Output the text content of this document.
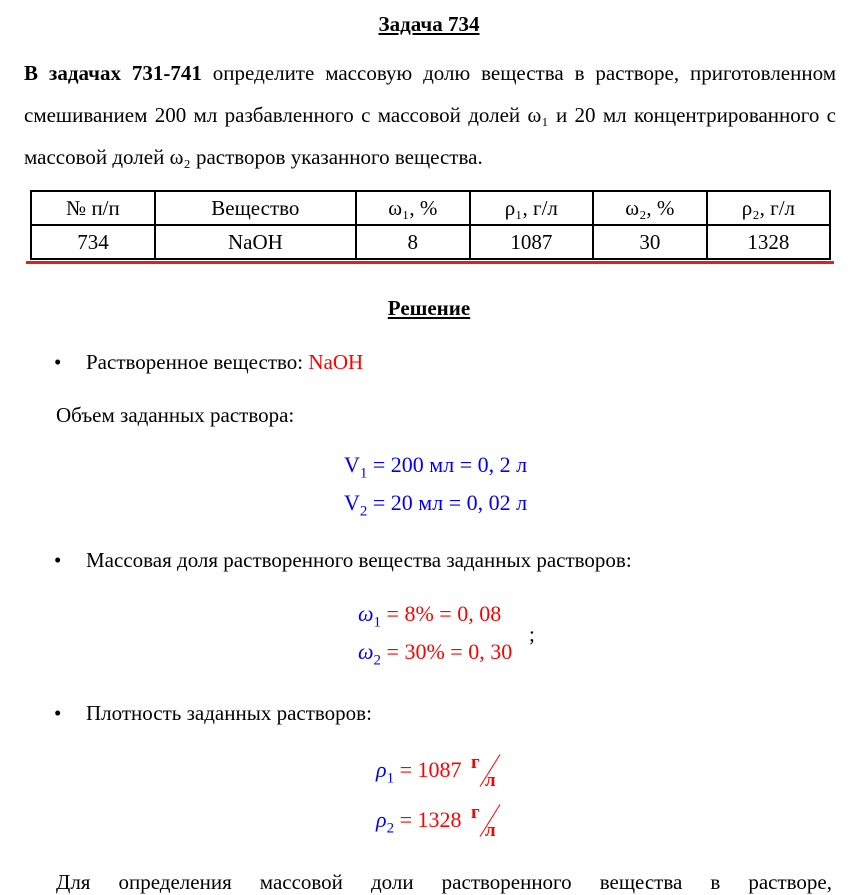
Задача 734
В задачах 731-741 определите массовую долю вещества в растворе, приготовленном смешиванием 200 мл разбавленного с массовой долей ω₁ и 20 мл концентрированного с массовой долей ω₂ растворов указанного вещества.
№ п/п	Вещество	ω₁, %	ρ₁, г/л	ω₂, %	ρ₂, г/л
734	NaOH	8	1087	30	1328
Решение
• Растворенное вещество: NaOH
Объем заданных раствора:
$V_1 = 200$ мл = 0, 2 л
$V_2 = 20$ мл = 0, 02 л
• Массовая доля растворенного вещества заданных растворов:
$\omega_1 = 8\% = 0$, 08
$\omega_2 = 30\% = 0$, 30
;
• Плотность заданных растворов:
$\rho_1 = 1087$ г
л
$\rho_2 = 1328$ г
л
Для определения массовой доли растворенного вещества в растворе,
